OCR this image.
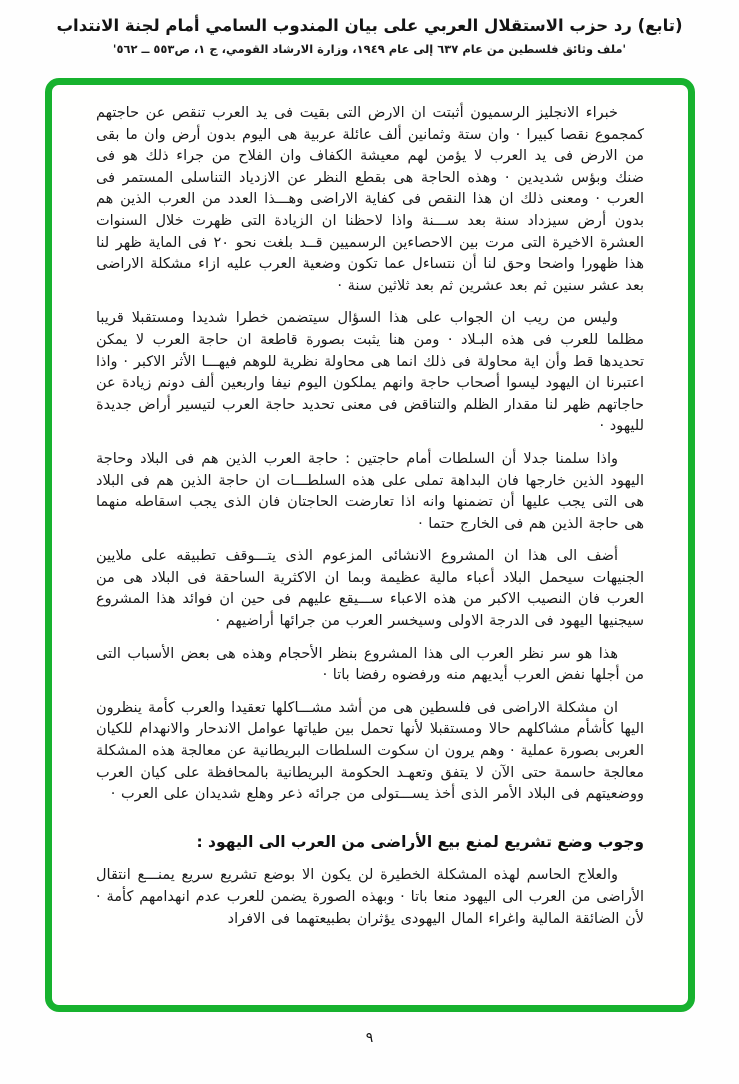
(تابع) رد حزب الاستقلال العربي على بيان المندوب السامي أمام لجنة الانتداب
'ملف وثائق فلسطين من عام ٦٣٧ إلى عام ١٩٤٩، وزارة الارشاد القومي، ج ١، ص٥٥٣ ــ ٥٦٢'

خبراء الانجليز الرسميون أثبتت ان الارض التى بقيت فى يد العرب تنقص عن حاجتهم كمجموع نقصا كبيرا · وان ستة وثمانين ألف عائلة عربية هى اليوم بدون أرض وان ما بقى من الارض فى يد العرب لا يؤمن لهم معيشة الكفاف وان الفلاح من جراء ذلك هو فى ضنك وبؤس شديدين · وهذه الحاجة هى بقطع النظر عن الازدياد التناسلى المستمر فى العرب · ومعنى ذلك ان هذا النقص فى كفاية الاراضى وهـــذا العدد من العرب الذين هم بدون أرض سيزداد سنة بعد ســـنة واذا لاحظنا ان الزيادة التى ظهرت خلال السنوات العشرة الاخيرة التى مرت بين الاحصاءين الرسميين قــد بلغت نحو ٢٠ فى الماية ظهر لنا هذا ظهورا واضحا وحق لنا أن نتساءل عما تكون وضعية العرب عليه ازاء مشكلة الاراضى بعد عشر سنين ثم بعد عشرين ثم بعد ثلاثين سنة ·

وليس من ريب ان الجواب على هذا السؤال سيتضمن خطرا شديدا ومستقبلا قريبا مظلما للعرب فى هذه البـلاد · ومن هنا يثبت بصورة قاطعة ان حاجة العرب لا يمكن تحديدها قط وأن اية محاولة فى ذلك انما هى محاولة نظرية للوهم فيهـــا الأثر الاكبر · واذا اعتبرنا ان اليهود ليسوا أصحاب حاجة وانهم يملكون اليوم نيفا واربعين ألف دونم زيادة عن حاجاتهم ظهر لنا مقدار الظلم والتناقض فى معنى تحديد حاجة العرب لتيسير أراض جديدة لليهود ·

واذا سلمنا جدلا أن السلطات أمام حاجتين : حاجة العرب الذين هم فى البلاد وحاجة اليهود الذين خارجها فان البداهة تملى على هذه السلطـــات ان حاجة الذين هم فى البلاد هى التى يجب عليها أن تضمنها وانه اذا تعارضت الحاجتان فان الذى يجب اسقاطه منهما هى حاجة الذين هم فى الخارج حتما ·

أضف الى هذا ان المشروع الانشائى المزعوم الذى يتـــوقف تطبيقه على ملايين الجنيهات سيحمل البلاد أعباء مالية عظيمة وبما ان الاكثرية الساحقة فى البلاد هى من العرب فان النصيب الاكبر من هذه الاعباء ســـيقع عليهم فى حين ان فوائد هذا المشروع سيجنيها اليهود فى الدرجة الاولى وسيخسر العرب من جرائها أراضيهم ·

هذا هو سر نظر العرب الى هذا المشروع بنظر الأحجام وهذه هى بعض الأسباب التى من أجلها نفض العرب أيديهم منه ورفضوه رفضا باتا ·

ان مشكلة الاراضى فى فلسطين هى من أشد مشـــاكلها تعقيدا والعرب كأمة ينظرون اليها كأشأم مشاكلهم حالا ومستقبلا لأنها تحمل بين طياتها عوامل الاندحار والانهدام للكيان العربى بصورة عملية · وهم يرون ان سكوت السلطات البريطانية عن معالجة هذه المشكلة معالجة حاسمة حتى الآن لا يتفق وتعهـد الحكومة البريطانية بالمحافظة على كيان العرب ووضعيتهم فى البلاد الأمر الذى أخذ يســـتولى من جرائه ذعر وهلع شديدان على العرب ·

وجوب وضع تشريع لمنع بيع الأراضى من العرب الى اليهود :

والعلاج الحاسم لهذه المشكلة الخطيرة لن يكون الا بوضع تشريع سريع يمنـــع انتقال الأراضى من العرب الى اليهود منعا باتا · وبهذه الصورة يضمن للعرب عدم انهدامهم كأمة · لأن الضائقة المالية واغراء المال اليهودى يؤثران بطبيعتهما فى الافراد

٩
